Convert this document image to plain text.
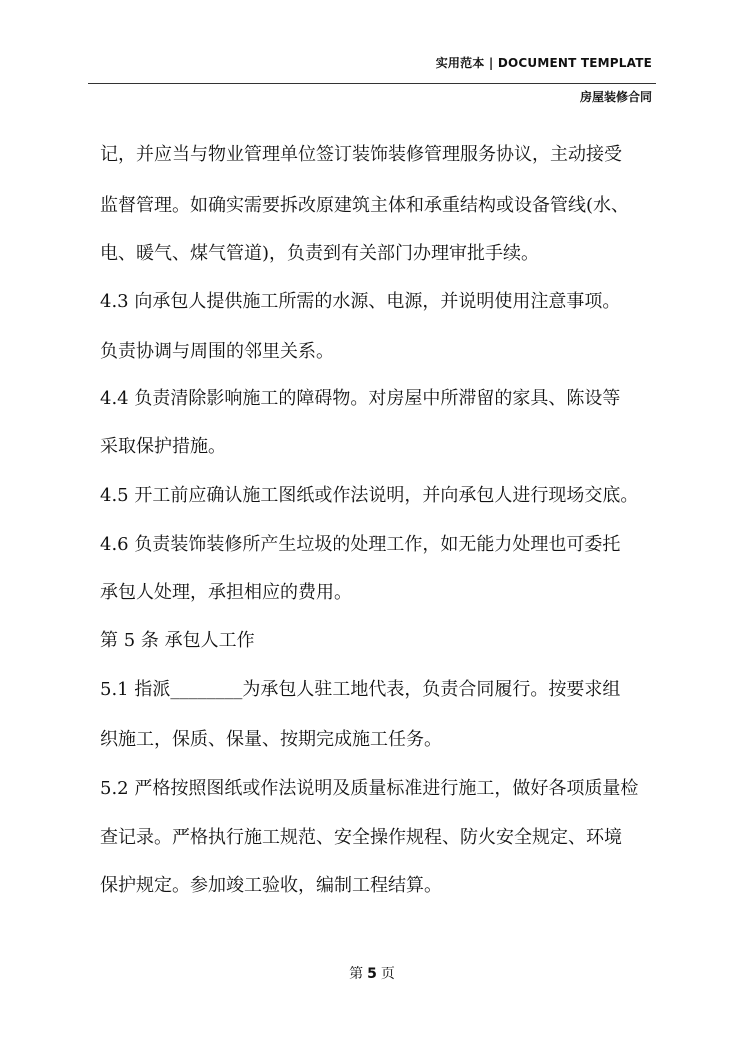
实用范本 | DOCUMENT TEMPLATE
房屋装修合同
记，并应当与物业管理单位签订装饰装修管理服务协议，主动接受
监督管理。如确实需要拆改原建筑主体和承重结构或设备管线(水、
电、暖气、煤气管道)，负责到有关部门办理审批手续。
4.3 向承包人提供施工所需的水源、电源，并说明使用注意事项。
负责协调与周围的邻里关系。
4.4 负责清除影响施工的障碍物。对房屋中所滞留的家具、陈设等
采取保护措施。
4.5 开工前应确认施工图纸或作法说明，并向承包人进行现场交底。
4.6 负责装饰装修所产生垃圾的处理工作，如无能力处理也可委托
承包人处理，承担相应的费用。
第 5 条 承包人工作
5.1 指派________为承包人驻工地代表，负责合同履行。按要求组
织施工，保质、保量、按期完成施工任务。
5.2 严格按照图纸或作法说明及质量标准进行施工，做好各项质量检
查记录。严格执行施工规范、安全操作规程、防火安全规定、环境
保护规定。参加竣工验收，编制工程结算。
第 5 页
